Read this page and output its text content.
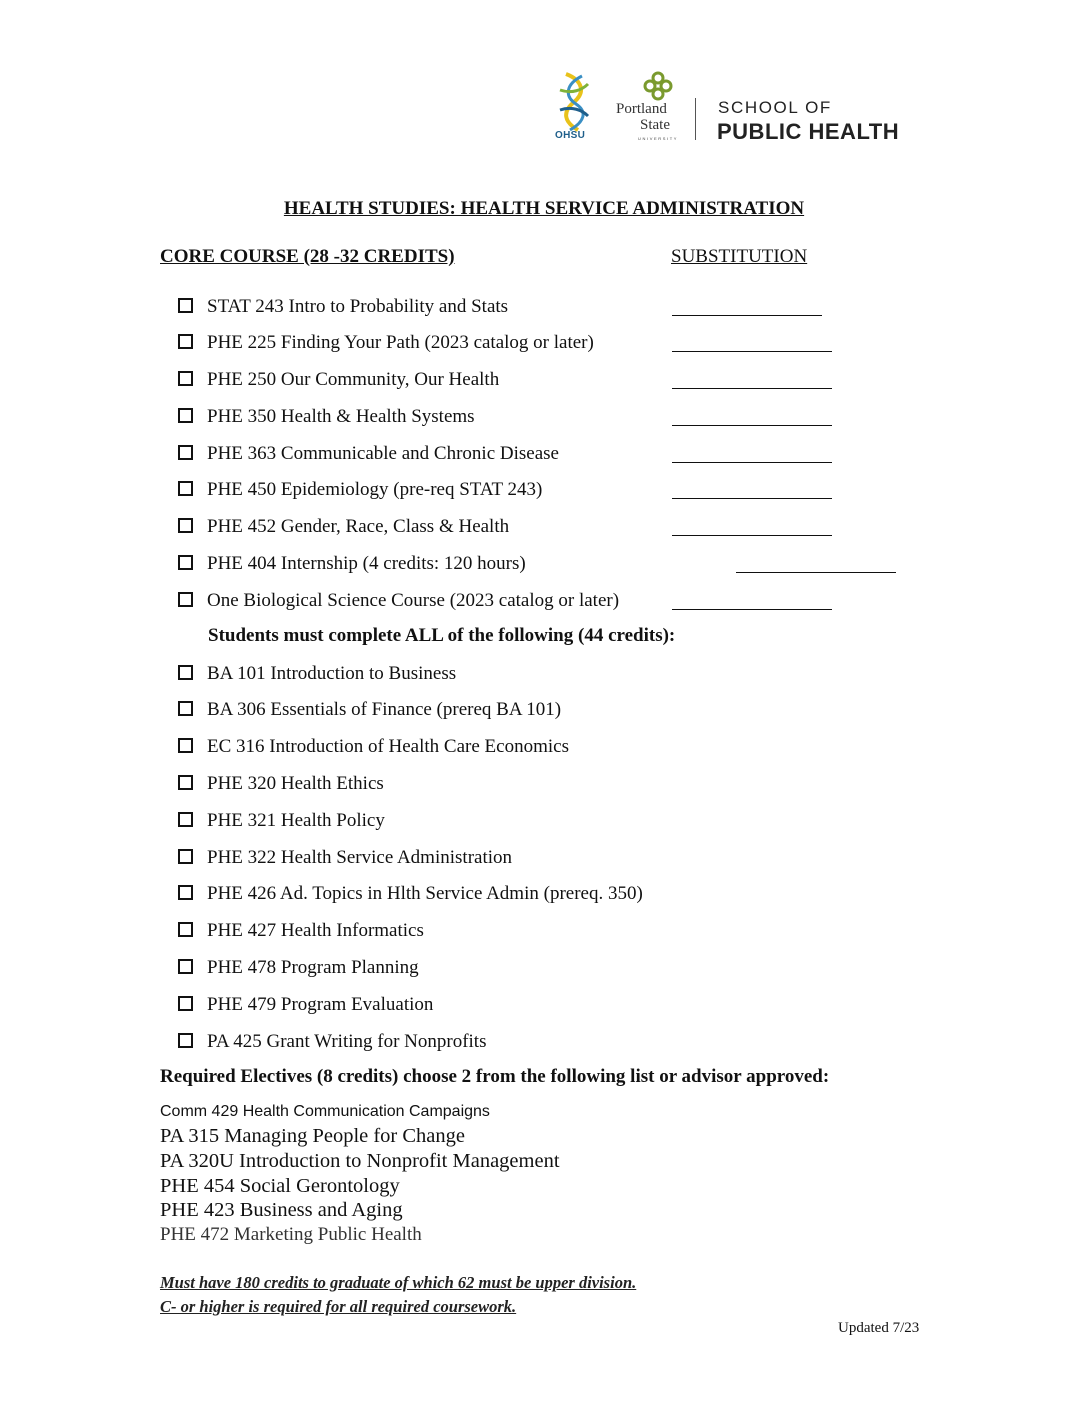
OHSU
Portland
State
UNIVERSITY
SCHOOL OF
PUBLIC HEALTH
HEALTH STUDIES: HEALTH SERVICE ADMINISTRATION
CORE COURSE (28 -32 CREDITS)	SUBSTITUTION
STAT 243 Intro to Probability and Stats
PHE 225 Finding Your Path (2023 catalog or later)
PHE 250 Our Community, Our Health
PHE 350 Health & Health Systems
PHE 363 Communicable and Chronic Disease
PHE 450 Epidemiology (pre-req STAT 243)
PHE 452 Gender, Race, Class & Health
PHE 404 Internship (4 credits: 120 hours)
One Biological Science Course (2023 catalog or later)
Students must complete ALL of the following (44 credits):
BA 101 Introduction to Business
BA 306 Essentials of Finance (prereq BA 101)
EC 316 Introduction of Health Care Economics
PHE 320 Health Ethics
PHE 321 Health Policy
PHE 322 Health Service Administration
PHE 426 Ad. Topics in Hlth Service Admin (prereq. 350)
PHE 427 Health Informatics
PHE 478 Program Planning
PHE 479 Program Evaluation
PA 425 Grant Writing for Nonprofits
Required Electives (8 credits) choose 2 from the following list or advisor approved:
Comm 429 Health Communication Campaigns
PA 315 Managing People for Change
PA 320U Introduction to Nonprofit Management
PHE 454 Social Gerontology
PHE 423 Business and Aging
PHE 472 Marketing Public Health
Must have 180 credits to graduate of which 62 must be upper division.
C- or higher is required for all required coursework.
Updated 7/23
